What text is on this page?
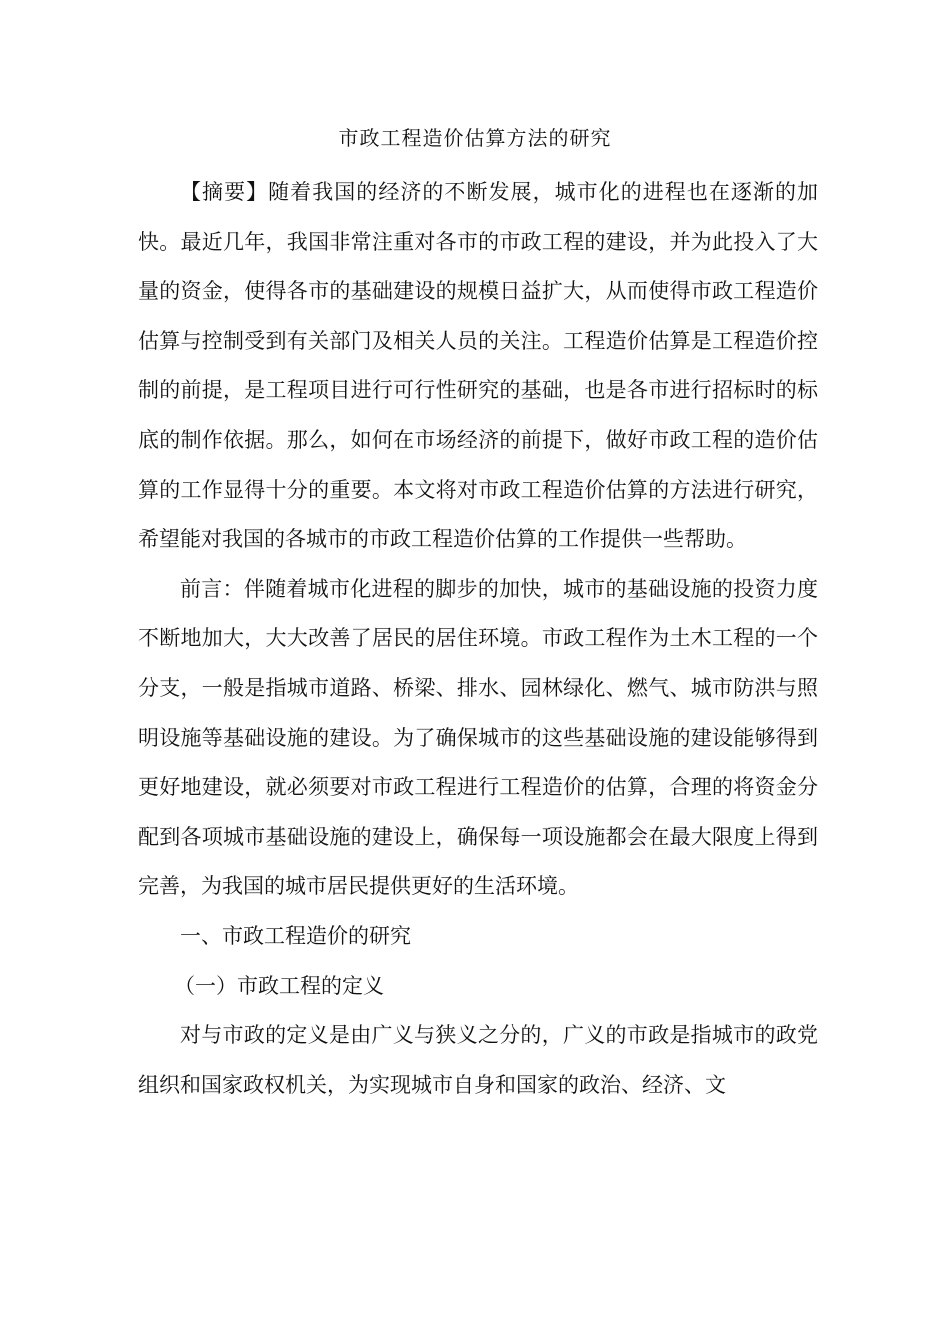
市政工程造价估算方法的研究

【摘要】随着我国的经济的不断发展，城市化的进程也在逐渐的加快。最近几年，我国非常注重对各市的市政工程的建设，并为此投入了大量的资金，使得各市的基础建设的规模日益扩大，从而使得市政工程造价估算与控制受到有关部门及相关人员的关注。工程造价估算是工程造价控制的前提，是工程项目进行可行性研究的基础，也是各市进行招标时的标底的制作依据。那么，如何在市场经济的前提下，做好市政工程的造价估算的工作显得十分的重要。本文将对市政工程造价估算的方法进行研究，希望能对我国的各城市的市政工程造价估算的工作提供一些帮助。

前言：伴随着城市化进程的脚步的加快，城市的基础设施的投资力度不断地加大，大大改善了居民的居住环境。市政工程作为土木工程的一个分支，一般是指城市道路、桥梁、排水、园林绿化、燃气、城市防洪与照明设施等基础设施的建设。为了确保城市的这些基础设施的建设能够得到更好地建设，就必须要对市政工程进行工程造价的估算，合理的将资金分配到各项城市基础设施的建设上，确保每一项设施都会在最大限度上得到完善，为我国的城市居民提供更好的生活环境。

一、市政工程造价的研究

（一）市政工程的定义

对与市政的定义是由广义与狭义之分的，广义的市政是指城市的政党组织和国家政权机关，为实现城市自身和国家的政治、经济、文
